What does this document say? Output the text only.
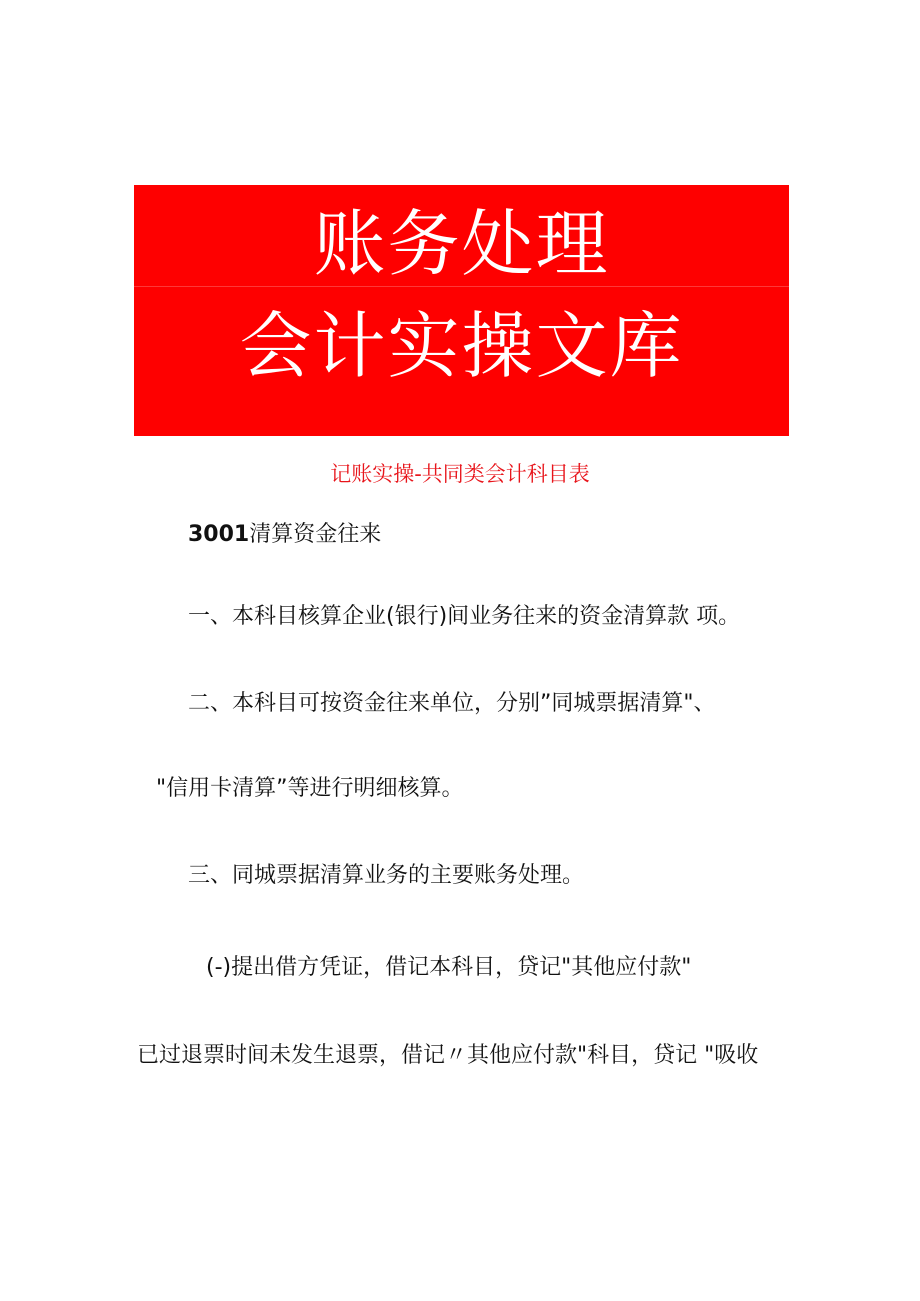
账务处理
会计实操文库
记账实操-共同类会计科目表
3001清算资金往来
一、本科目核算企业(银行)间业务往来的资金清算款 项。
二、本科目可按资金往来单位，分别”同城票据清算"、
"信用卡清算”等进行明细核算。
三、同城票据清算业务的主要账务处理。
(-)提出借方凭证，借记本科目，贷记"其他应付款"
已过退票时间未发生退票，借记〃其他应付款"科目，贷记 "吸收
